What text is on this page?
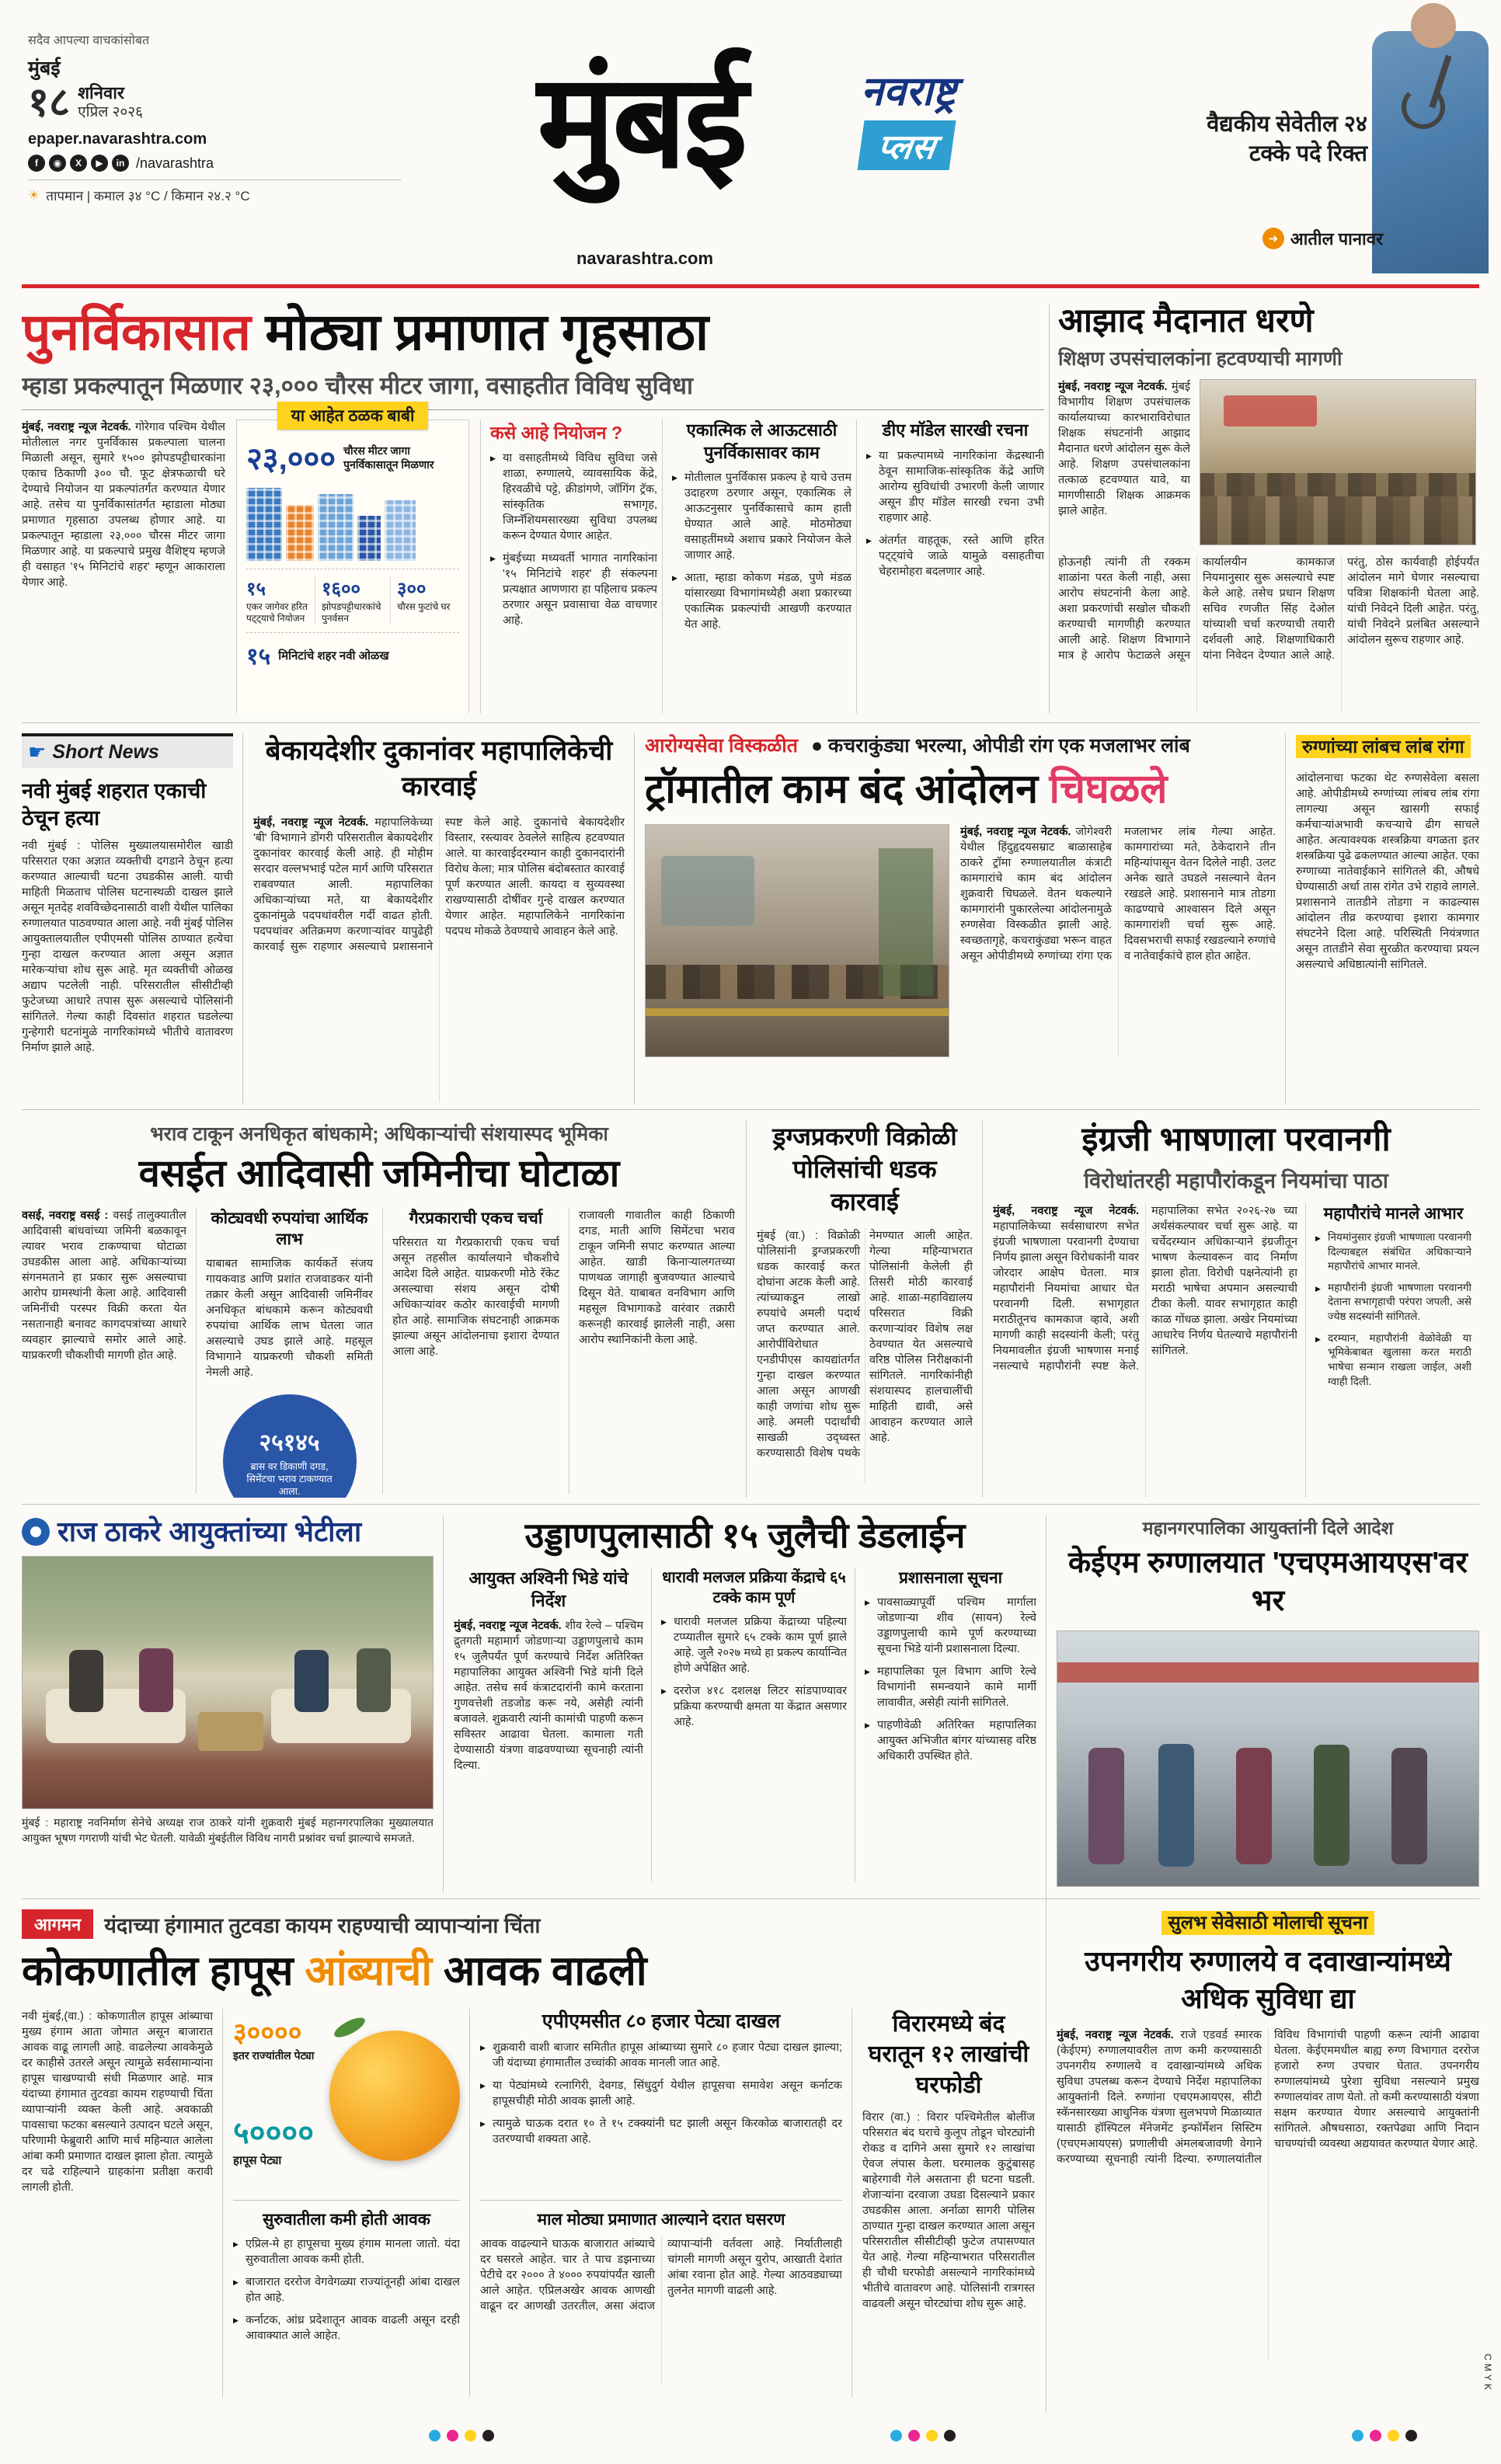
सदैव आपल्या वाचकांसोबत
मुंबई
१८ शनिवार
एप्रिल २०२६
epaper.navarashtra.com
f	◉	X	▶	in /navarashtra
☀ तापमान | कमाल ३४ °C / किमान २४.२ °C
मुंबई	नवराष्ट्र
प्लस
navarashtra.com
वैद्यकीय सेवेतील २४ टक्के पदे रिक्त
➜ आतील पानावर
पुनर्विकासात मोठ्या प्रमाणात गृहसाठा
म्हाडा प्रकल्पातून मिळणार २३,००० चौरस मीटर जागा, वसाहतीत विविध सुविधा
मुंबई, नवराष्ट्र न्यूज नेटवर्क. गोरेगाव पश्चिम येथील मोतीलाल नगर पुनर्विकास प्रकल्पाला चालना मिळाली असून, सुमारे १५०० झोपडपट्टीधारकांना एकाच ठिकाणी ३०० चौ. फूट क्षेत्रफळाची घरे देण्याचे नियोजन या प्रकल्पांतर्गत करण्यात येणार आहे. तसेच या पुनर्विकासांतर्गत म्हाडाला मोठ्या प्रमाणात गृहसाठा उपलब्ध होणार आहे. या प्रकल्पातून म्हाडाला २३,००० चौरस मीटर जागा मिळणार आहे. या प्रकल्पाचे प्रमुख वैशिष्ट्य म्हणजे ही वसाहत '१५ मिनिटांचे शहर' म्हणून आकाराला येणार आहे.
या आहेत ठळक बाबी
२३,००० चौरस मीटर जागा पुनर्विकासातून मिळणार
१५
एकर जागेवर हरित पट्ट्याचे नियोजन
१६००
झोपडपट्टीधारकांचे पुनर्वसन
३००
चौरस फुटांचे घर
१५ मिनिटांचे शहर नवी ओळख
कसे आहे नियोजन ?
▶ या वसाहतीमध्ये विविध सुविधा जसे शाळा, रुग्णालये, व्यावसायिक केंद्रे, हिरवळीचे पट्टे, क्रीडांगणे, जॉगिंग ट्रॅक, सांस्कृतिक सभागृह, जिम्नॅशियमसारख्या सुविधा उपलब्ध करून देण्यात येणार आहेत.
▶ मुंबईच्या मध्यवर्ती भागात नागरिकांना '१५ मिनिटांचे शहर' ही संकल्पना प्रत्यक्षात आणणारा हा पहिलाच प्रकल्प ठरणार असून प्रवासाचा वेळ वाचणार आहे.
एकात्मिक ले आऊटसाठी पुनर्विकासावर काम
▶ मोतीलाल पुनर्विकास प्रकल्प हे याचे उत्तम उदाहरण ठरणार असून, एकात्मिक ले आऊटनुसार पुनर्विकासाचे काम हाती घेण्यात आले आहे. मोठमोठ्या वसाहतींमध्ये अशाच प्रकारे नियोजन केले जाणार आहे.
▶ आता, म्हाडा कोकण मंडळ, पुणे मंडळ यांसारख्या विभागांमध्येही अशा प्रकारच्या एकात्मिक प्रकल्पांची आखणी करण्यात येत आहे.
डीए मॉडेल सारखी रचना
▶ या प्रकल्पामध्ये नागरिकांना केंद्रस्थानी ठेवून सामाजिक-सांस्कृतिक केंद्रे आणि आरोग्य सुविधांची उभारणी केली जाणार असून डीए मॉडेल सारखी रचना उभी राहणार आहे.
▶ अंतर्गत वाहतूक, रस्ते आणि हरित पट्ट्यांचे जाळे यामुळे वसाहतीचा चेहरामोहरा बदलणार आहे.
आझाद मैदानात धरणे
शिक्षण उपसंचालकांना हटवण्याची मागणी
मुंबई, नवराष्ट्र न्यूज नेटवर्क. मुंबई विभागीय शिक्षण उपसंचालक कार्यालयाच्या कारभाराविरोधात शिक्षक संघटनांनी आझाद मैदानात धरणे आंदोलन सुरू केले आहे. शिक्षण उपसंचालकांना तत्काळ हटवण्यात यावे, या मागणीसाठी शिक्षक आक्रमक झाले आहेत.
होऊनही त्यांनी ती रक्कम शाळांना परत केली नाही, असा आरोप संघटनांनी केला आहे. अशा प्रकरणांची सखोल चौकशी करण्याची मागणीही करण्यात आली आहे. शिक्षण विभागाने मात्र हे आरोप फेटाळले असून कार्यालयीन कामकाज नियमानुसार सुरू असल्याचे स्पष्ट केले आहे. तसेच प्रधान शिक्षण सचिव रणजीत सिंह देओल यांच्याशी चर्चा करण्याची तयारी दर्शवली आहे. शिक्षणाधिकारी यांना निवेदन देण्यात आले आहे. परंतु, ठोस कार्यवाही होईपर्यंत आंदोलन मागे घेणार नसल्याचा पवित्रा शिक्षकांनी घेतला आहे. यांची निवेदने दिली आहेत. परंतु, यांची निवेदने प्रलंबित असल्याने आंदोलन सुरूच राहणार आहे.
☛ Short News
नवी मुंबई शहरात एकाची ठेचून हत्या
नवी मुंबई : पोलिस मुख्यालयासमोरील खाडी परिसरात एका अज्ञात व्यक्तीची दगडाने ठेचून हत्या करण्यात आल्याची घटना उघडकीस आली. याची माहिती मिळताच पोलिस घटनास्थळी दाखल झाले असून मृतदेह शवविच्छेदनासाठी वाशी येथील पालिका रुग्णालयात पाठवण्यात आला आहे. नवी मुंबई पोलिस आयुक्तालयातील एपीएमसी पोलिस ठाण्यात हत्येचा गुन्हा दाखल करण्यात आला असून अज्ञात मारेकऱ्यांचा शोध सुरू आहे. मृत व्यक्तीची ओळख अद्याप पटलेली नाही. परिसरातील सीसीटीव्ही फुटेजच्या आधारे तपास सुरू असल्याचे पोलिसांनी सांगितले. गेल्या काही दिवसांत शहरात घडलेल्या गुन्हेगारी घटनांमुळे नागरिकांमध्ये भीतीचे वातावरण निर्माण झाले आहे.
बेकायदेशीर दुकानांवर महापालिकेची कारवाई
मुंबई, नवराष्ट्र न्यूज नेटवर्क. महापालिकेच्या 'बी' विभागाने डोंगरी परिसरातील बेकायदेशीर दुकानांवर कारवाई केली आहे. ही मोहीम सरदार वल्लभभाई पटेल मार्ग आणि परिसरात राबवण्यात आली. महापालिका अधिकाऱ्यांच्या मते, या बेकायदेशीर दुकानांमुळे पदपथांवरील गर्दी वाढत होती. पदपथांवर अतिक्रमण करणाऱ्यांवर यापुढेही कारवाई सुरू राहणार असल्याचे प्रशासनाने स्पष्ट केले आहे. दुकानांचे बेकायदेशीर विस्तार, रस्त्यावर ठेवलेले साहित्य हटवण्यात आले. या कारवाईदरम्यान काही दुकानदारांनी विरोध केला; मात्र पोलिस बंदोबस्तात कारवाई पूर्ण करण्यात आली. कायदा व सुव्यवस्था राखण्यासाठी दोषींवर गुन्हे दाखल करण्यात येणार आहेत. महापालिकेने नागरिकांना पदपथ मोकळे ठेवण्याचे आवाहन केले आहे.
आरोग्यसेवा विस्कळीत ● कचराकुंड्या भरल्या, ओपीडी रांग एक मजलाभर लांब
ट्रॉमातील काम बंद आंदोलन चिघळले
मुंबई, नवराष्ट्र न्यूज नेटवर्क. जोगेश्वरी येथील हिंदुहृदयसम्राट बाळासाहेब ठाकरे ट्रॉमा रुग्णालयातील कंत्राटी कामगारांचे काम बंद आंदोलन शुक्रवारी चिघळले. वेतन थकल्याने कामगारांनी पुकारलेल्या आंदोलनामुळे रुग्णसेवा विस्कळीत झाली आहे. स्वच्छतागृहे, कचराकुंड्या भरून वाहत असून ओपीडीमध्ये रुग्णांच्या रांगा एक मजलाभर लांब गेल्या आहेत. कामगारांच्या मते, ठेकेदाराने तीन महिन्यांपासून वेतन दिलेले नाही. उलट अनेक खाते उघडले नसल्याने वेतन रखडले आहे. प्रशासनाने मात्र तोडगा काढण्याचे आश्वासन दिले असून कामगारांशी चर्चा सुरू आहे. दिवसभराची सफाई रखडल्याने रुग्णांचे व नातेवाईकांचे हाल होत आहेत.
रुग्णांच्या लांबच लांब रांगा
आंदोलनाचा फटका थेट रुग्णसेवेला बसला आहे. ओपीडीमध्ये रुग्णांच्या लांबच लांब रांगा लागल्या असून खासगी सफाई कर्मचाऱ्यांअभावी कचऱ्याचे ढीग साचले आहेत. अत्यावश्यक शस्त्रक्रिया वगळता इतर शस्त्रक्रिया पुढे ढकलण्यात आल्या आहेत. एका रुग्णाच्या नातेवाईकाने सांगितले की, औषधे घेण्यासाठी अर्धा तास रांगेत उभे राहावे लागले. प्रशासनाने तातडीने तोडगा न काढल्यास आंदोलन तीव्र करण्याचा इशारा कामगार संघटनेने दिला आहे. परिस्थिती नियंत्रणात असून तातडीने सेवा सुरळीत करण्याचा प्रयत्न असल्याचे अधिष्ठात्यांनी सांगितले.
भराव टाकून अनधिकृत बांधकामे; अधिकाऱ्यांची संशयास्पद भूमिका
वसईत आदिवासी जमिनीचा घोटाळा
वसई, नवराष्ट्र वसई : वसई तालुक्यातील आदिवासी बांधवांच्या जमिनी बळकावून त्यावर भराव टाकण्याचा घोटाळा उघडकीस आला आहे. अधिकाऱ्यांच्या संगनमताने हा प्रकार सुरू असल्याचा आरोप ग्रामस्थांनी केला आहे. आदिवासी जमिनींची परस्पर विक्री करता येत नसतानाही बनावट कागदपत्रांच्या आधारे व्यवहार झाल्याचे समोर आले आहे. याप्रकरणी चौकशीची मागणी होत आहे.
कोट्यवधी रुपयांचा आर्थिक लाभ
याबाबत सामाजिक कार्यकर्ते संजय गायकवाड आणि प्रशांत राजवाडकर यांनी तक्रार केली असून आदिवासी जमिनींवर अनधिकृत बांधकामे करून कोट्यवधी रुपयांचा आर्थिक लाभ घेतला जात असल्याचे उघड झाले आहे. महसूल विभागाने याप्रकरणी चौकशी समिती नेमली आहे.
२५१४५
ब्रास वर डिकाणी दगड, सिमेंटचा भराव टाकण्यात आला.
गैरप्रकाराची एकच चर्चा
परिसरात या गैरप्रकाराची एकच चर्चा असून तहसील कार्यालयाने चौकशीचे आदेश दिले आहेत. याप्रकरणी मोठे रॅकेट असल्याचा संशय असून दोषी अधिकाऱ्यांवर कठोर कारवाईची मागणी होत आहे. सामाजिक संघटनाही आक्रमक झाल्या असून आंदोलनाचा इशारा देण्यात आला आहे.
राजावली गावातील काही ठिकाणी दगड, माती आणि सिमेंटचा भराव टाकून जमिनी सपाट करण्यात आल्या आहेत. खाडी किनाऱ्यालगतच्या पाणथळ जागाही बुजवण्यात आल्याचे दिसून येते. याबाबत वनविभाग आणि महसूल विभागाकडे वारंवार तक्रारी करूनही कारवाई झालेली नाही, असा आरोप स्थानिकांनी केला आहे.
ड्रग्जप्रकरणी विक्रोळी पोलिसांची धडक कारवाई
मुंबई (वा.) : विक्रोळी पोलिसांनी ड्रग्जप्रकरणी धडक कारवाई करत दोघांना अटक केली आहे. त्यांच्याकडून लाखो रुपयांचे अमली पदार्थ जप्त करण्यात आले. आरोपींविरोधात एनडीपीएस कायद्यांतर्गत गुन्हा दाखल करण्यात आला असून आणखी काही जणांचा शोध सुरू आहे. अमली पदार्थांची साखळी उद्ध्वस्त करण्यासाठी विशेष पथके नेमण्यात आली आहेत. गेल्या महिन्याभरात पोलिसांनी केलेली ही तिसरी मोठी कारवाई आहे. शाळा-महाविद्यालय परिसरात विक्री करणाऱ्यांवर विशेष लक्ष ठेवण्यात येत असल्याचे वरिष्ठ पोलिस निरीक्षकांनी सांगितले. नागरिकांनीही संशयास्पद हालचालींची माहिती द्यावी, असे आवाहन करण्यात आले आहे.
इंग्रजी भाषणाला परवानगी
विरोधांतरही महापौरांकडून नियमांचा पाठा
मुंबई, नवराष्ट्र न्यूज नेटवर्क. महापालिकेच्या सर्वसाधारण सभेत इंग्रजी भाषणाला परवानगी देण्याचा निर्णय झाला असून विरोधकांनी यावर जोरदार आक्षेप घेतला. मात्र महापौरांनी नियमांचा आधार घेत परवानगी दिली. सभागृहात मराठीतूनच कामकाज व्हावे, अशी मागणी काही सदस्यांनी केली; परंतु नियमावलीत इंग्रजी भाषणास मनाई नसल्याचे महापौरांनी स्पष्ट केले. महापालिका सभेत २०२६-२७ च्या अर्थसंकल्पावर चर्चा सुरू आहे. या चर्चेदरम्यान अधिकाऱ्याने इंग्रजीतून भाषण केल्यावरून वाद निर्माण झाला होता. विरोधी पक्षनेत्यांनी हा मराठी भाषेचा अपमान असल्याची टीका केली. यावर सभागृहात काही काळ गोंधळ झाला. अखेर नियमांच्या आधारेच निर्णय घेतल्याचे महापौरांनी सांगितले.
महापौरांचे मानले आभार
▶ नियमांनुसार इंग्रजी भाषणाला परवानगी दिल्याबद्दल संबंधित अधिकाऱ्याने महापौरांचे आभार मानले.
▶ महापौरांनी इंग्रजी भाषणाला परवानगी देताना सभागृहाची परंपरा जपली, असे ज्येष्ठ सदस्यांनी सांगितले.
▶ दरम्यान, महापौरांनी वेळोवेळी या भूमिकेबाबत खुलासा करत मराठी भाषेचा सन्मान राखला जाईल, अशी ग्वाही दिली.
राज ठाकरे आयुक्तांच्या भेटीला
मुंबई : महाराष्ट्र नवनिर्माण सेनेचे अध्यक्ष राज ठाकरे यांनी शुक्रवारी मुंबई महानगरपालिका मुख्यालयात आयुक्त भूषण गगराणी यांची भेट घेतली. यावेळी मुंबईतील विविध नागरी प्रश्नांवर चर्चा झाल्याचे समजते.
उड्डाणपुलासाठी १५ जुलैची डेडलाईन
आयुक्त अश्विनी भिडे यांचे निर्देश
मुंबई, नवराष्ट्र न्यूज नेटवर्क. शीव रेल्वे – पश्चिम द्रुतगती महामार्ग जोडणाऱ्या उड्डाणपुलाचे काम १५ जुलैपर्यंत पूर्ण करण्याचे निर्देश अतिरिक्त महापालिका आयुक्त अश्विनी भिडे यांनी दिले आहेत. तसेच सर्व कंत्राटदारांनी कामे करताना गुणवत्तेशी तडजोड करू नये, असेही त्यांनी बजावले. शुक्रवारी त्यांनी कामांची पाहणी करून सविस्तर आढावा घेतला. कामाला गती देण्यासाठी यंत्रणा वाढवण्याच्या सूचनाही त्यांनी दिल्या.
धारावी मलजल प्रक्रिया केंद्राचे ६५ टक्के काम पूर्ण
▶ धारावी मलजल प्रक्रिया केंद्राच्या पहिल्या टप्प्यातील सुमारे ६५ टक्के काम पूर्ण झाले आहे. जुलै २०२७ मध्ये हा प्रकल्प कार्यान्वित होणे अपेक्षित आहे.
▶ दररोज ४१८ दशलक्ष लिटर सांडपाण्यावर प्रक्रिया करण्याची क्षमता या केंद्रात असणार आहे.
प्रशासनाला सूचना
▶ पावसाळ्यापूर्वी पश्चिम मार्गाला जोडणाऱ्या शीव (सायन) रेल्वे उड्डाणपुलाची कामे पूर्ण करण्याच्या सूचना भिडे यांनी प्रशासनाला दिल्या.
▶ महापालिका पूल विभाग आणि रेल्वे विभागांनी समन्वयाने कामे मार्गी लावावीत, असेही त्यांनी सांगितले.
▶ पाहणीवेळी अतिरिक्त महापालिका आयुक्त अभिजीत बांगर यांच्यासह वरिष्ठ अधिकारी उपस्थित होते.
महानगरपालिका आयुक्तांनी दिले आदेश
केईएम रुग्णालयात 'एचएमआयएस'वर भर
आगमन	यंदाच्या हंगामात तुटवडा कायम राहण्याची व्यापाऱ्यांना चिंता
कोकणातील हापूस आंब्याची आवक वाढली
नवी मुंबई,(वा.) : कोकणातील हापूस आंब्याचा मुख्य हंगाम आता जोमात असून बाजारात आवक वाढू लागली आहे. वाढलेल्या आवकेमुळे दर काहीसे उतरले असून त्यामुळे सर्वसामान्यांना हापूस चाखण्याची संधी मिळणार आहे. मात्र यंदाच्या हंगामात तुटवडा कायम राहण्याची चिंता व्यापाऱ्यांनी व्यक्त केली आहे. अवकाळी पावसाचा फटका बसल्याने उत्पादन घटले असून, परिणामी फेब्रुवारी आणि मार्च महिन्यात आलेला आंबा कमी प्रमाणात दाखल झाला होता. त्यामुळे दर चढे राहिल्याने ग्राहकांना प्रतीक्षा करावी लागली होती.
३००००
इतर राज्यांतील पेट्या
५००००
हापूस पेट्या
सुरुवातीला कमी होती आवक
▶ एप्रिल-मे हा हापूसचा मुख्य हंगाम मानला जातो. यंदा सुरुवातीला आवक कमी होती.
▶ बाजारात दररोज वेगवेगळ्या राज्यांतूनही आंबा दाखल होत आहे.
▶ कर्नाटक, आंध्र प्रदेशातून आवक वाढली असून दरही आवाक्यात आले आहेत.
एपीएमसीत ८० हजार पेट्या दाखल
▶ शुक्रवारी वाशी बाजार समितीत हापूस आंब्याच्या सुमारे ८० हजार पेट्या दाखल झाल्या; जी यंदाच्या हंगामातील उच्चांकी आवक मानली जात आहे.
▶ या पेट्यांमध्ये रत्नागिरी, देवगड, सिंधुदुर्ग येथील हापूसचा समावेश असून कर्नाटक हापूसचीही मोठी आवक झाली आहे.
▶ त्यामुळे घाऊक दरात १० ते १५ टक्क्यांनी घट झाली असून किरकोळ बाजारातही दर उतरण्याची शक्यता आहे.
माल मोठ्या प्रमाणात आल्याने दरात घसरण
आवक वाढल्याने घाऊक बाजारात आंब्याचे दर घसरले आहेत. चार ते पाच डझनाच्या पेटीचे दर २००० ते ४००० रुपयांपर्यंत खाली आले आहेत. एप्रिलअखेर आवक आणखी वाढून दर आणखी उतरतील, असा अंदाज व्यापाऱ्यांनी वर्तवला आहे. निर्यातीलाही चांगली मागणी असून युरोप, आखाती देशांत आंबा रवाना होत आहे. गेल्या आठवड्याच्या तुलनेत मागणी वाढली आहे.
विरारमध्ये बंद घरातून १२ लाखांची घरफोडी
विरार (वा.) : विरार पश्चिमेतील बोलींज परिसरात बंद घराचे कुलूप तोडून चोरट्यांनी रोकड व दागिने असा सुमारे १२ लाखांचा ऐवज लंपास केला. घरमालक कुटुंबासह बाहेरगावी गेले असताना ही घटना घडली. शेजाऱ्यांना दरवाजा उघडा दिसल्याने प्रकार उघडकीस आला. अर्नाळा सागरी पोलिस ठाण्यात गुन्हा दाखल करण्यात आला असून परिसरातील सीसीटीव्ही फुटेज तपासण्यात येत आहे. गेल्या महिन्याभरात परिसरातील ही चौथी घरफोडी असल्याने नागरिकांमध्ये भीतीचे वातावरण आहे. पोलिसांनी रात्रगस्त वाढवली असून चोरट्यांचा शोध सुरू आहे.
सुलभ सेवेसाठी मोलाची सूचना
उपनगरीय रुग्णालये व दवाखान्यांमध्ये अधिक सुविधा द्या
मुंबई, नवराष्ट्र न्यूज नेटवर्क. राजे एडवर्ड स्मारक (केईएम) रुग्णालयावरील ताण कमी करण्यासाठी उपनगरीय रुग्णालये व दवाखान्यांमध्ये अधिक सुविधा उपलब्ध करून देण्याचे निर्देश महापालिका आयुक्तांनी दिले. रुग्णांना एचएमआयएस, सीटी स्कॅनसारख्या आधुनिक यंत्रणा सुलभपणे मिळाव्यात यासाठी हॉस्पिटल मॅनेजमेंट इन्फॉर्मेशन सिस्टिम (एचएमआयएस) प्रणालीची अंमलबजावणी वेगाने करण्याच्या सूचनाही त्यांनी दिल्या. रुग्णालयांतील विविध विभागांची पाहणी करून त्यांनी आढावा घेतला. केईएममधील बाह्य रुग्ण विभागात दररोज हजारो रुग्ण उपचार घेतात. उपनगरीय रुग्णालयांमध्ये पुरेशा सुविधा नसल्याने प्रमुख रुग्णालयांवर ताण येतो. तो कमी करण्यासाठी यंत्रणा सक्षम करण्यात येणार असल्याचे आयुक्तांनी सांगितले. औषधसाठा, रक्तपेढ्या आणि निदान चाचण्यांची व्यवस्था अद्ययावत करण्यात येणार आहे.
CMYK
